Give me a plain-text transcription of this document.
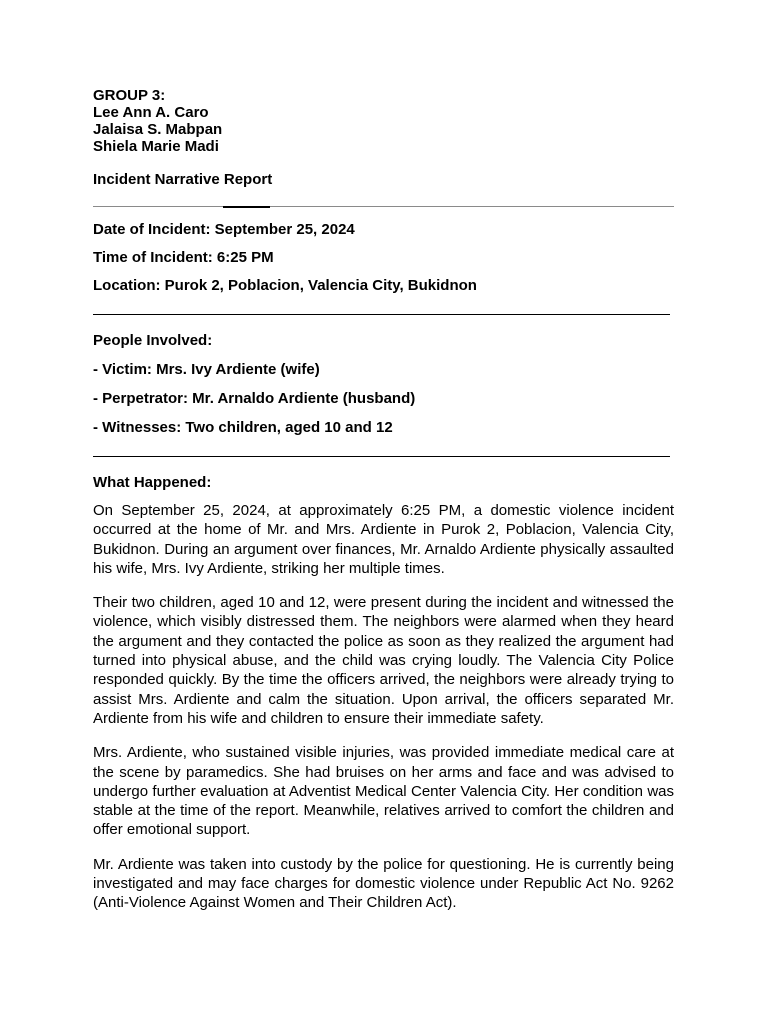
GROUP 3:
Lee Ann A. Caro
Jalaisa S. Mabpan
Shiela Marie Madi
Incident Narrative Report
Date of Incident: September 25, 2024
Time of Incident: 6:25 PM
Location: Purok 2, Poblacion, Valencia City, Bukidnon
People Involved:
- Victim: Mrs. Ivy Ardiente (wife)
- Perpetrator: Mr. Arnaldo Ardiente (husband)
- Witnesses: Two children, aged 10 and 12
What Happened:

On September 25, 2024, at approximately 6:25 PM, a domestic violence incident occurred at the home of Mr. and Mrs. Ardiente in Purok 2, Poblacion, Valencia City, Bukidnon. During an argument over finances, Mr. Arnaldo Ardiente physically assaulted his wife, Mrs. Ivy Ardiente, striking her multiple times.

Their two children, aged 10 and 12, were present during the incident and witnessed the violence, which visibly distressed them. The neighbors were alarmed when they heard the argument and they contacted the police as soon as they realized the argument had turned into physical abuse, and the child was crying loudly. The Valencia City Police responded quickly. By the time the officers arrived, the neighbors were already trying to assist Mrs. Ardiente and calm the situation. Upon arrival, the officers separated Mr. Ardiente from his wife and children to ensure their immediate safety.

Mrs. Ardiente, who sustained visible injuries, was provided immediate medical care at the scene by paramedics. She had bruises on her arms and face and was advised to undergo further evaluation at Adventist Medical Center Valencia City. Her condition was stable at the time of the report. Meanwhile, relatives arrived to comfort the children and offer emotional support.

Mr. Ardiente was taken into custody by the police for questioning. He is currently being investigated and may face charges for domestic violence under Republic Act No. 9262 (Anti-Violence Against Women and Their Children Act).
